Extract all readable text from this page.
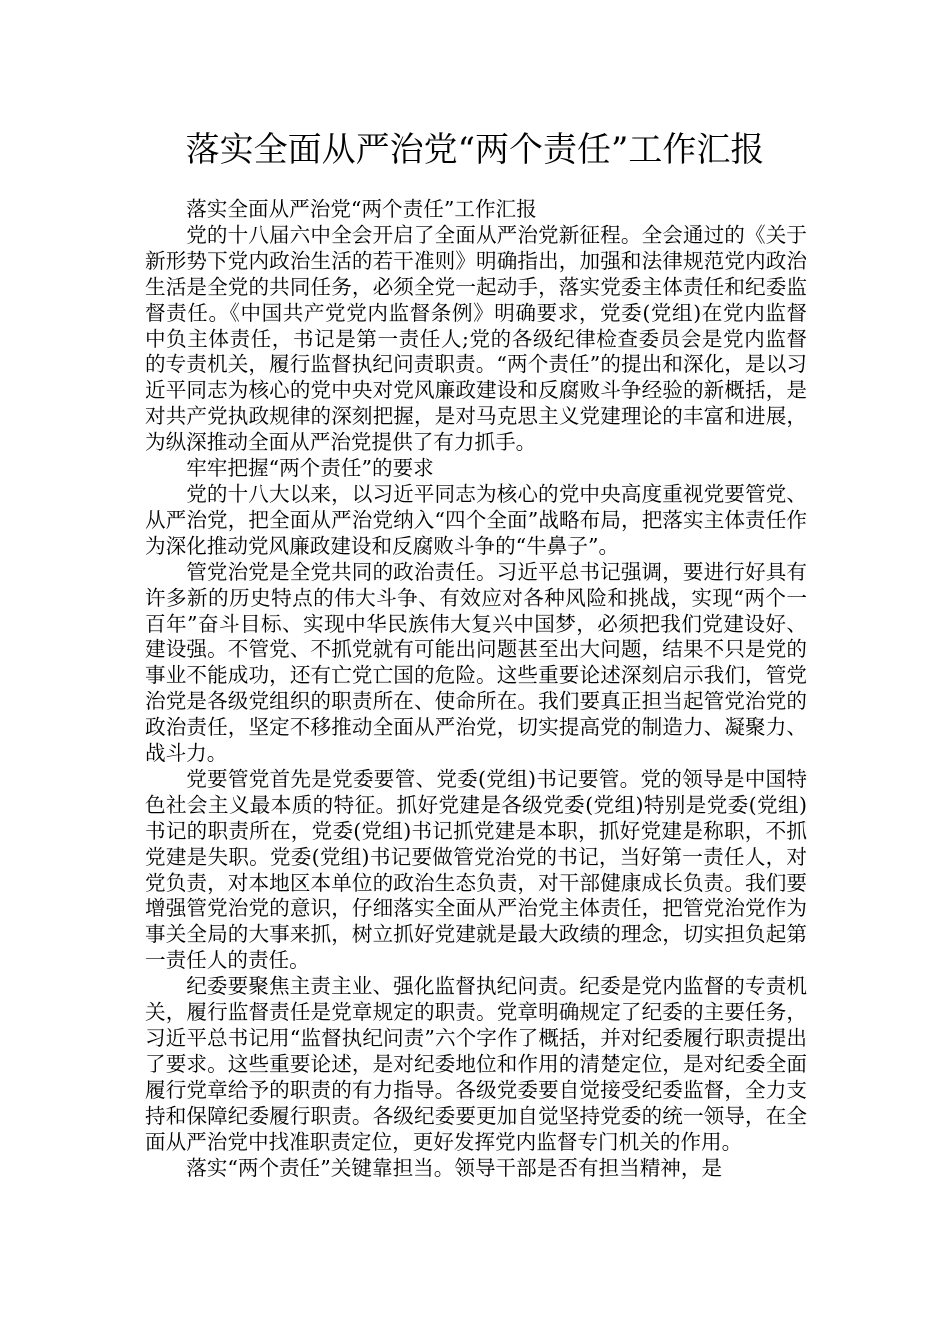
落实全面从严治党“两个责任”工作汇报

落实全面从严治党“两个责任”工作汇报

党的十八届六中全会开启了全面从严治党新征程。全会通过的《关于新形势下党内政治生活的若干准则》明确指出，加强和法律规范党内政治生活是全党的共同任务，必须全党一起动手，落实党委主体责任和纪委监督责任。《中国共产党党内监督条例》明确要求，党委(党组)在党内监督中负主体责任，书记是第一责任人;党的各级纪律检查委员会是党内监督的专责机关，履行监督执纪问责职责。“两个责任”的提出和深化，是以习近平同志为核心的党中央对党风廉政建设和反腐败斗争经验的新概括，是对共产党执政规律的深刻把握，是对马克思主义党建理论的丰富和进展，为纵深推动全面从严治党提供了有力抓手。

牢牢把握“两个责任”的要求

党的十八大以来，以习近平同志为核心的党中央高度重视党要管党、从严治党，把全面从严治党纳入“四个全面”战略布局，把落实主体责任作为深化推动党风廉政建设和反腐败斗争的“牛鼻子”。

管党治党是全党共同的政治责任。习近平总书记强调，要进行好具有许多新的历史特点的伟大斗争、有效应对各种风险和挑战，实现“两个一百年”奋斗目标、实现中华民族伟大复兴中国梦，必须把我们党建设好、建设强。不管党、不抓党就有可能出问题甚至出大问题，结果不只是党的事业不能成功，还有亡党亡国的危险。这些重要论述深刻启示我们，管党治党是各级党组织的职责所在、使命所在。我们要真正担当起管党治党的政治责任，坚定不移推动全面从严治党，切实提高党的制造力、凝聚力、战斗力。

党要管党首先是党委要管、党委(党组)书记要管。党的领导是中国特色社会主义最本质的特征。抓好党建是各级党委(党组)特别是党委(党组)书记的职责所在，党委(党组)书记抓党建是本职，抓好党建是称职，不抓党建是失职。党委(党组)书记要做管党治党的书记，当好第一责任人，对党负责，对本地区本单位的政治生态负责，对干部健康成长负责。我们要增强管党治党的意识，仔细落实全面从严治党主体责任，把管党治党作为事关全局的大事来抓，树立抓好党建就是最大政绩的理念，切实担负起第一责任人的责任。

纪委要聚焦主责主业、强化监督执纪问责。纪委是党内监督的专责机关，履行监督责任是党章规定的职责。党章明确规定了纪委的主要任务，习近平总书记用“监督执纪问责”六个字作了概括，并对纪委履行职责提出了要求。这些重要论述，是对纪委地位和作用的清楚定位，是对纪委全面履行党章给予的职责的有力指导。各级党委要自觉接受纪委监督，全力支持和保障纪委履行职责。各级纪委要更加自觉坚持党委的统一领导，在全面从严治党中找准职责定位，更好发挥党内监督专门机关的作用。

落实“两个责任”关键靠担当。领导干部是否有担当精神，是
